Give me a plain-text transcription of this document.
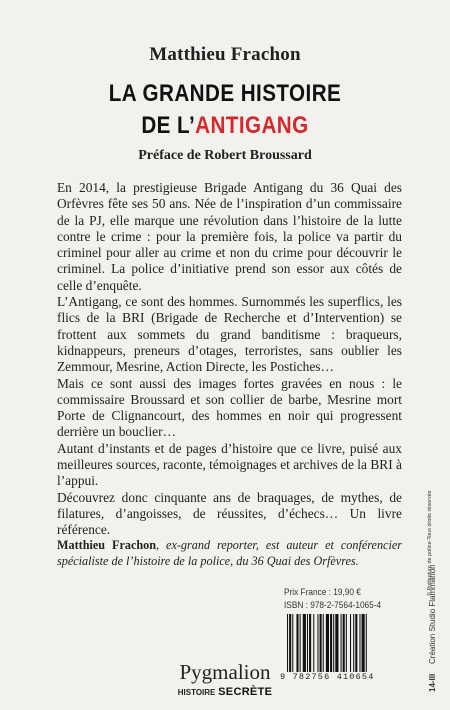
Matthieu Frachon
LA GRANDE HISTOIRE
DE L’ANTIGANG
Préface de Robert Broussard

En 2014, la prestigieuse Brigade Antigang du 36 Quai des Orfèvres fête ses 50 ans. Née de l’inspiration d’un commissaire de la PJ, elle marque une révolution dans l’histoire de la lutte contre le crime : pour la première fois, la police va partir du criminel pour aller au crime et non du crime pour découvrir le criminel. La police d’initiative prend son essor aux côtés de celle d’enquête.

L’Antigang, ce sont des hommes. Surnommés les superflics, les flics de la BRI (Brigade de Recherche et d’Intervention) se frottent aux sommets du grand banditisme : braqueurs, kidnappeurs, preneurs d’otages, terroristes, sans oublier les Zemmour, Mesrine, Action Directe, les Postiches…

Mais ce sont aussi des images fortes gravées en nous : le commissaire Broussard et son collier de barbe, Mesrine mort Porte de Clignancourt, des hommes en noir qui progressent derrière un bouclier…

Autant d’instants et de pages d’histoire que ce livre, puisé aux meilleures sources, raconte, témoignages et archives de la BRI à l’appui.

Découvrez donc cinquante ans de braquages, de mythes, de filatures, d’angoisses, de réussites, d’échecs… Un livre référence.

Matthieu Frachon, ex-grand reporter, est auteur et conférencier spécialiste de l’histoire de la police, du 36 Quai des Orfèvres.
Prix France : 19,90 €
ISBN : 978-2-7564-1065-4
9 782756 410654
Pygmalion
HISTOIRE SECRÈTE	14-III
Création Studio Flammarion
© Préfecture de police-Tous droits réservés
